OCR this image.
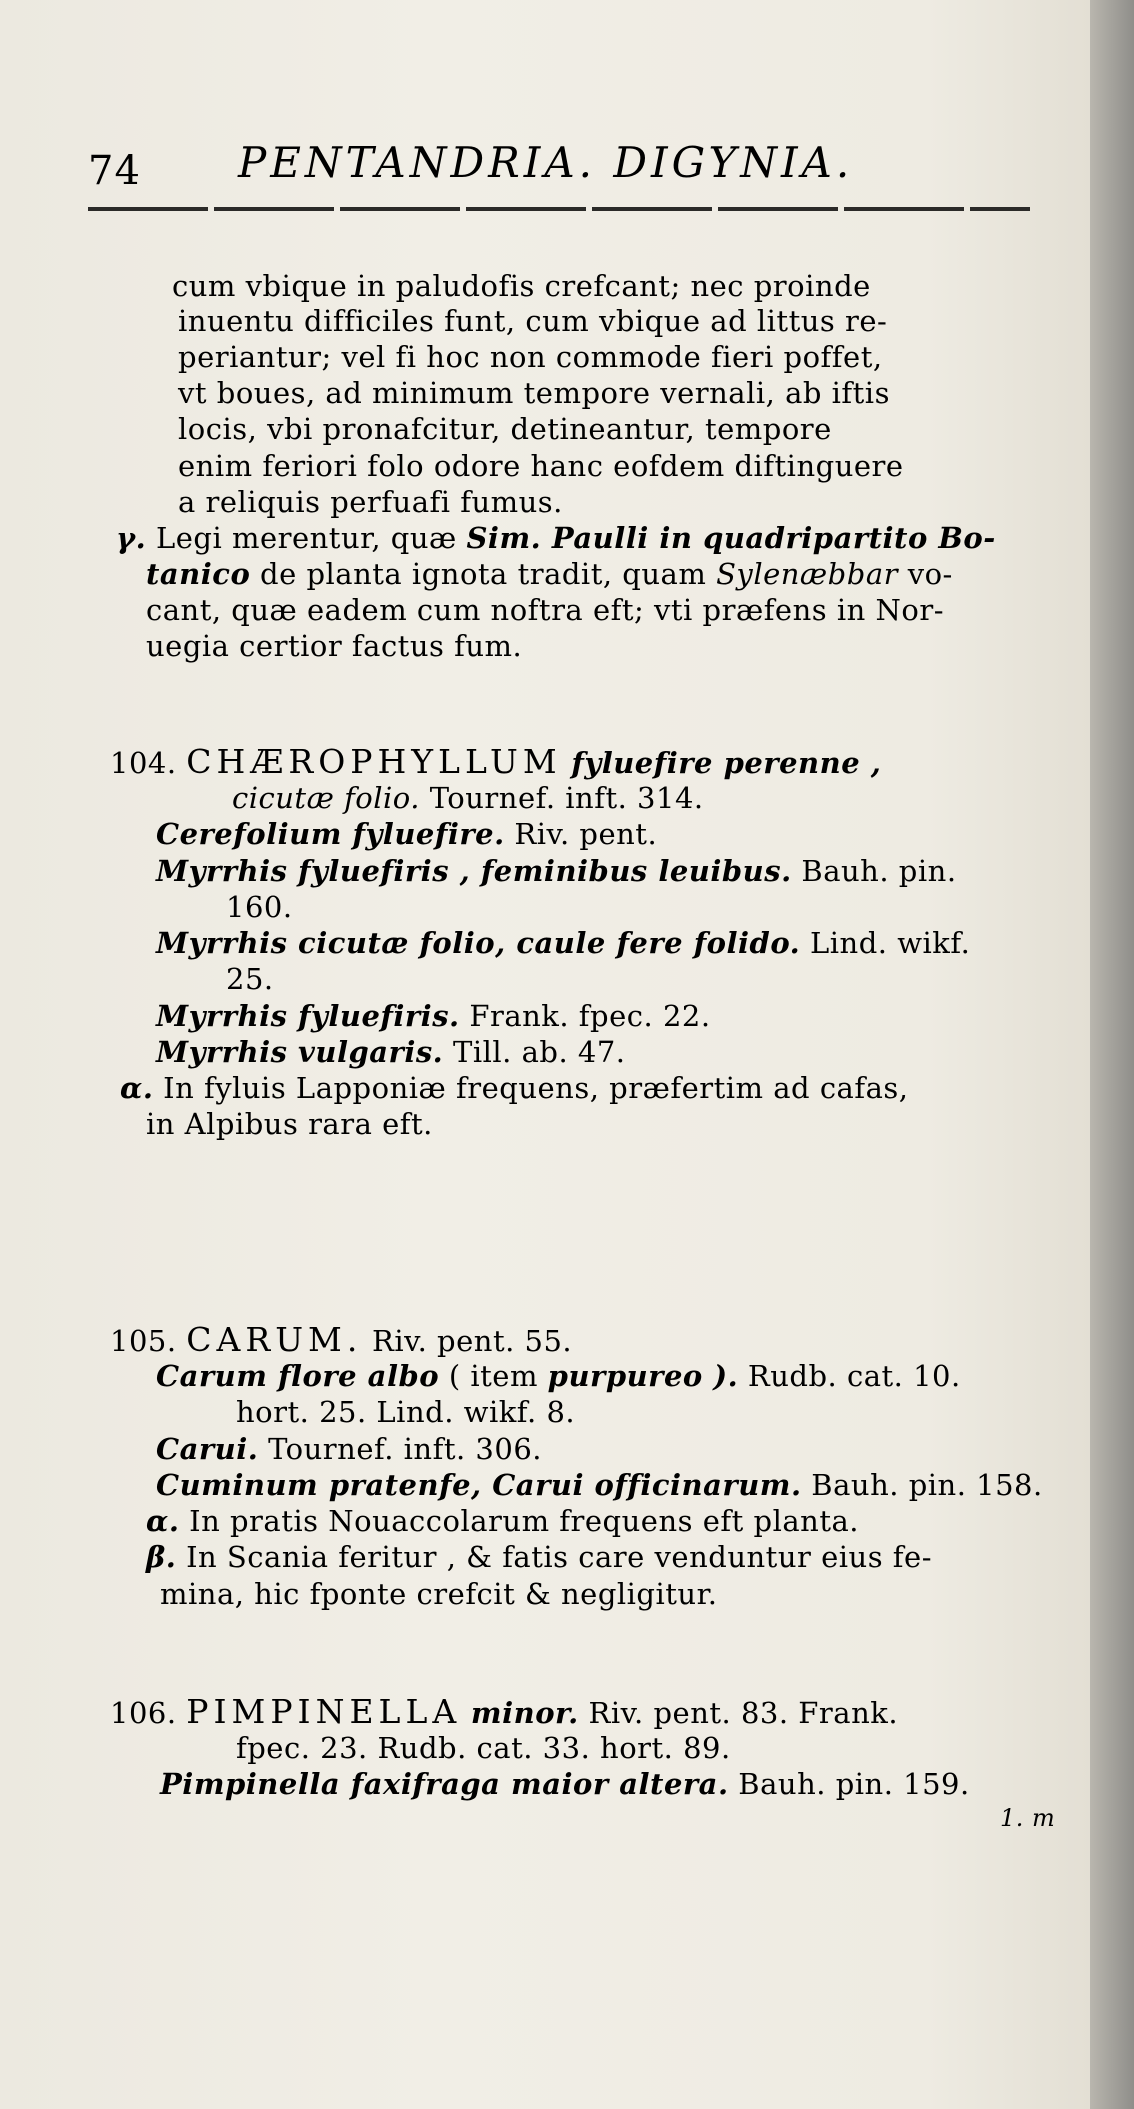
74 PENTANDRIA. DIGYNIA.
cum vbique in paludofis crefcant; nec proinde
inuentu difficiles funt, cum vbique ad littus re-
periantur; vel fi hoc non commode fieri poffet,
vt boues, ad minimum tempore vernali, ab iftis
locis, vbi pronafcitur, detineantur, tempore
enim feriori folo odore hanc eofdem diftinguere
a reliquis perfuafi fumus.
γ. Legi merentur, quæ Sim. Paulli in quadripartito Bo-
tanico de planta ignota tradit, quam Sylenæbbar vo-
cant, quæ eadem cum noftra eft; vti præfens in Nor-
uegia certior factus fum.
104. CHÆROPHYLLUM fyluefire perenne ,
cicutæ folio. Tournef. inft. 314.
Cerefolium fyluefire. Riv. pent.
Myrrhis fyluefiris , feminibus leuibus. Bauh. pin.
160.
Myrrhis cicutæ folio, caule fere folido. Lind. wikf.
25.
Myrrhis fyluefiris. Frank. fpec. 22.
Myrrhis vulgaris. Till. ab. 47.
α. In fyluis Lapponiæ frequens, præfertim ad cafas,
in Alpibus rara eft.
105. CARUM. Riv. pent. 55.
Carum flore albo ( item purpureo ). Rudb. cat. 10.
hort. 25. Lind. wikf. 8.
Carui. Tournef. inft. 306.
Cuminum pratenfe, Carui officinarum. Bauh. pin. 158.
α. In pratis Nouaccolarum frequens eft planta.
β. In Scania feritur , & fatis care venduntur eius fe-
mina, hic fponte crefcit & negligitur.
106. PIMPINELLA minor. Riv. pent. 83. Frank.
fpec. 23. Rudb. cat. 33. hort. 89.
Pimpinella faxifraga maior altera. Bauh. pin. 159.
1. m
